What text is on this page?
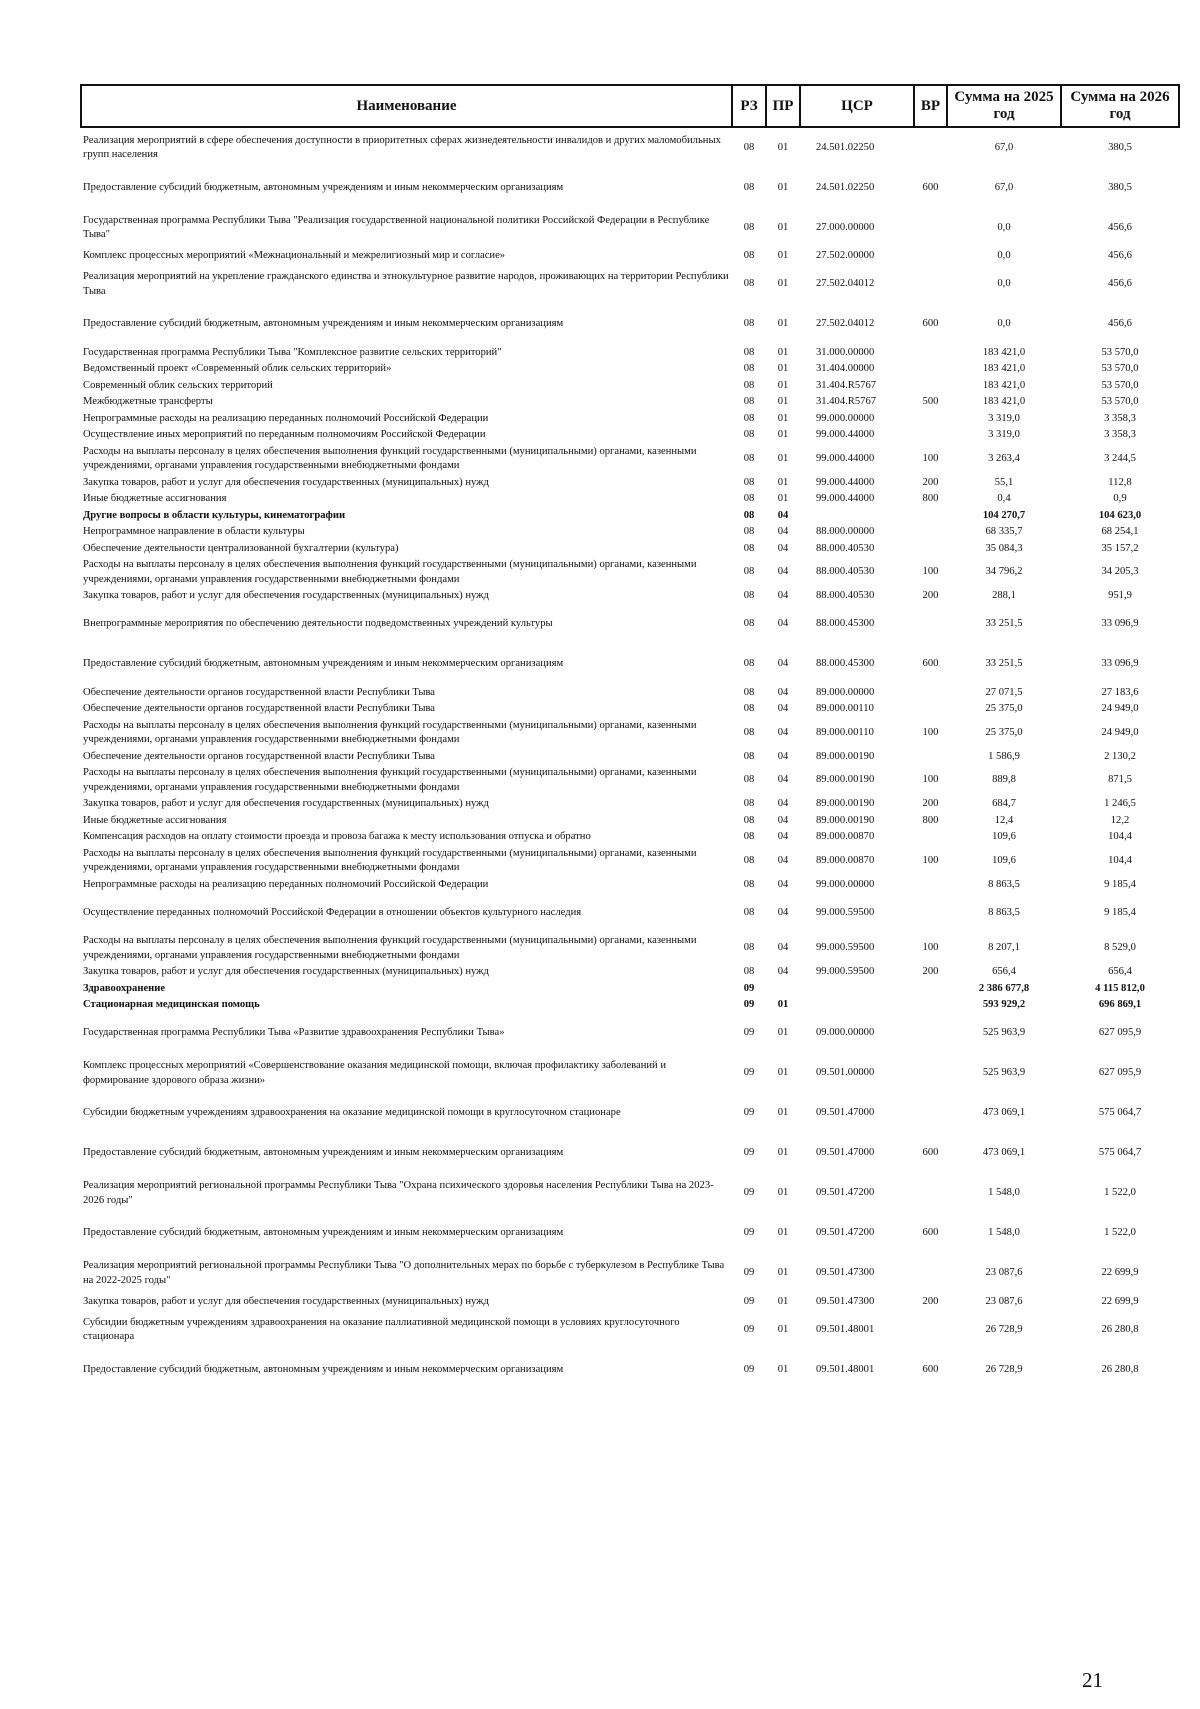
Наименование	РЗ	ПР	ЦСР	ВР	Сумма на 2025 год	Сумма на 2026 год
Реализация мероприятий в сфере обеспечения доступности в приоритетных сферах жизнедеятельности инвалидов и других маломобильных групп населения	08	01	24.501.02250		67,0	380,5
Предоставление субсидий бюджетным, автономным учреждениям и иным некоммерческим организациям	08	01	24.501.02250	600	67,0	380,5
Государственная программа Республики Тыва "Реализация государственной национальной политики Российской Федерации в Республике Тыва"	08	01	27.000.00000		0,0	456,6
Комплекс процессных мероприятий «Межнациональный и межрелигиозный мир и согласие»	08	01	27.502.00000		0,0	456,6
Реализация мероприятий на укрепление гражданского единства и этнокультурное развитие народов, проживающих на территории Республики Тыва	08	01	27.502.04012		0,0	456,6
Предоставление субсидий бюджетным, автономным учреждениям и иным некоммерческим организациям	08	01	27.502.04012	600	0,0	456,6
Государственная программа Республики Тыва "Комплексное развитие сельских территорий"	08	01	31.000.00000		183 421,0	53 570,0
Ведомственный проект «Современный облик сельских территорий»	08	01	31.404.00000		183 421,0	53 570,0
Современный облик сельских территорий	08	01	31.404.R5767		183 421,0	53 570,0
Межбюджетные трансферты	08	01	31.404.R5767	500	183 421,0	53 570,0
Непрограммные расходы на реализацию переданных полномочий Российской Федерации	08	01	99.000.00000		3 319,0	3 358,3
Осуществление иных мероприятий по переданным полномочиям Российской Федерации	08	01	99.000.44000		3 319,0	3 358,3
Расходы на выплаты персоналу в целях обеспечения выполнения функций государственными (муниципальными) органами, казенными учреждениями, органами управления государственными внебюджетными фондами	08	01	99.000.44000	100	3 263,4	3 244,5
Закупка товаров, работ и услуг для обеспечения государственных (муниципальных) нужд	08	01	99.000.44000	200	55,1	112,8
Иные бюджетные ассигнования	08	01	99.000.44000	800	0,4	0,9
Другие вопросы в области культуры, кинематографии	08	04			104 270,7	104 623,0
Непрограммное направление в области культуры	08	04	88.000.00000		68 335,7	68 254,1
Обеспечение деятельности централизованной бухгалтерии (культура)	08	04	88.000.40530		35 084,3	35 157,2
Расходы на выплаты персоналу в целях обеспечения выполнения функций государственными (муниципальными) органами, казенными учреждениями, органами управления государственными внебюджетными фондами	08	04	88.000.40530	100	34 796,2	34 205,3
Закупка товаров, работ и услуг для обеспечения государственных (муниципальных) нужд	08	04	88.000.40530	200	288,1	951,9
Внепрограммные мероприятия по обеспечению деятельности подведомственных учреждений культуры	08	04	88.000.45300		33 251,5	33 096,9
Предоставление субсидий бюджетным, автономным учреждениям и иным некоммерческим организациям	08	04	88.000.45300	600	33 251,5	33 096,9
Обеспечение деятельности органов государственной власти Республики Тыва	08	04	89.000.00000		27 071,5	27 183,6
Обеспечение деятельности органов государственной власти Республики Тыва	08	04	89.000.00110		25 375,0	24 949,0
Расходы на выплаты персоналу в целях обеспечения выполнения функций государственными (муниципальными) органами, казенными учреждениями, органами управления государственными внебюджетными фондами	08	04	89.000.00110	100	25 375,0	24 949,0
Обеспечение деятельности органов государственной власти Республики Тыва	08	04	89.000.00190		1 586,9	2 130,2
Расходы на выплаты персоналу в целях обеспечения выполнения функций государственными (муниципальными) органами, казенными учреждениями, органами управления государственными внебюджетными фондами	08	04	89.000.00190	100	889,8	871,5
Закупка товаров, работ и услуг для обеспечения государственных (муниципальных) нужд	08	04	89.000.00190	200	684,7	1 246,5
Иные бюджетные ассигнования	08	04	89.000.00190	800	12,4	12,2
Компенсация расходов на оплату стоимости проезда и провоза багажа к месту использования отпуска и обратно	08	04	89.000.00870		109,6	104,4
Расходы на выплаты персоналу в целях обеспечения выполнения функций государственными (муниципальными) органами, казенными учреждениями, органами управления государственными внебюджетными фондами	08	04	89.000.00870	100	109,6	104,4
Непрограммные расходы на реализацию переданных полномочий Российской Федерации	08	04	99.000.00000		8 863,5	9 185,4
Осуществление переданных полномочий Российской Федерации в отношении объектов культурного наследия	08	04	99.000.59500		8 863,5	9 185,4
Расходы на выплаты персоналу в целях обеспечения выполнения функций государственными (муниципальными) органами, казенными учреждениями, органами управления государственными внебюджетными фондами	08	04	99.000.59500	100	8 207,1	8 529,0
Закупка товаров, работ и услуг для обеспечения государственных (муниципальных) нужд	08	04	99.000.59500	200	656,4	656,4
Здравоохранение	09				2 386 677,8	4 115 812,0
Стационарная медицинская помощь	09	01			593 929,2	696 869,1
Государственная программа Республики Тыва «Развитие здравоохранения Республики Тыва»	09	01	09.000.00000		525 963,9	627 095,9
Комплекс процессных мероприятий «Совершенствование оказания медицинской помощи, включая профилактику заболеваний и формирование здорового образа жизни»	09	01	09.501.00000		525 963,9	627 095,9
Субсидии бюджетным учреждениям здравоохранения на оказание медицинской помощи в круглосуточном стационаре	09	01	09.501.47000		473 069,1	575 064,7
Предоставление субсидий бюджетным, автономным учреждениям и иным некоммерческим организациям	09	01	09.501.47000	600	473 069,1	575 064,7
Реализация мероприятий региональной программы Республики Тыва "Охрана психического здоровья населения Республики Тыва на 2023-2026 годы"	09	01	09.501.47200		1 548,0	1 522,0
Предоставление субсидий бюджетным, автономным учреждениям и иным некоммерческим организациям	09	01	09.501.47200	600	1 548,0	1 522,0
Реализация мероприятий региональной программы Республики Тыва "О дополнительных мерах по борьбе с туберкулезом в Республике Тыва на 2022-2025 годы"	09	01	09.501.47300		23 087,6	22 699,9
Закупка товаров, работ и услуг для обеспечения государственных (муниципальных) нужд	09	01	09.501.47300	200	23 087,6	22 699,9
Субсидии бюджетным учреждениям здравоохранения на оказание паллиативной медицинской помощи в условиях круглосуточного стационара	09	01	09.501.48001		26 728,9	26 280,8
Предоставление субсидий бюджетным, автономным учреждениям и иным некоммерческим организациям	09	01	09.501.48001	600	26 728,9	26 280,8
21
